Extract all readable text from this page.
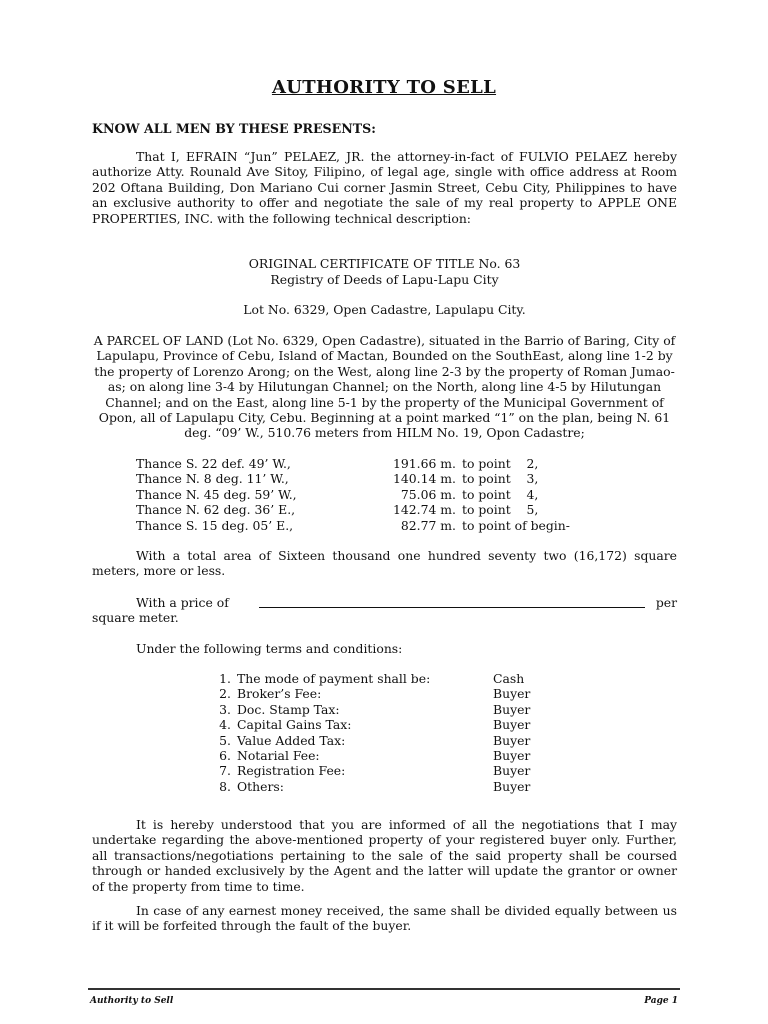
AUTHORITY TO SELL
KNOW ALL MEN BY THESE PRESENTS:
That I, EFRAIN “Jun” PELAEZ, JR. the attorney-in-fact of FULVIO PELAEZ hereby authorize Atty. Rounald Ave Sitoy, Filipino, of legal age, single with office address at Room 202 Oftana Building, Don Mariano Cui corner Jasmin Street, Cebu City, Philippines to have an exclusive authority to offer and negotiate the sale of my real property to APPLE ONE PROPERTIES, INC. with the following technical description:
ORIGINAL CERTIFICATE OF TITLE No. 63
Registry of Deeds of Lapu-Lapu City
Lot No. 6329, Open Cadastre, Lapulapu City.
A PARCEL OF LAND (Lot No. 6329, Open Cadastre), situated in the Barrio of Baring, City of Lapulapu, Province of Cebu, Island of Mactan, Bounded on the SouthEast, along line 1-2 by the property of Lorenzo Arong; on the West, along line 2-3 by the property of Roman Jumao-as; on along line 3-4 by Hilutungan Channel; on the North, along line 4-5 by Hilutungan Channel; and on the East, along line 5-1 by the property of the Municipal Government of Opon, all of Lapulapu City, Cebu. Beginning at a point marked “1” on the plan, being N. 61 deg. “09’ W., 510.76 meters from HILM No. 19, Opon Cadastre;
Thance S. 22 def. 49’ W.,	191.66 m. to point    2,
Thance N. 8 deg. 11’ W.,	140.14 m. to point    3,
Thance N. 45 deg. 59’ W.,	75.06 m. to point    4,
Thance N. 62 deg. 36’ E.,	142.74 m. to point    5,
Thance S. 15 deg. 05’ E.,	82.77 m. to point of begin-
With a total area of Sixteen thousand one hundred seventy two (16,172) square meters, more or less.
With a price of	per
square meter.
Under the following terms and conditions:
1. The mode of payment shall be:	Cash
2. Broker’s Fee:	Buyer
3. Doc. Stamp Tax:	Buyer
4. Capital Gains Tax:	Buyer
5. Value Added Tax:	Buyer
6. Notarial Fee:	Buyer
7. Registration Fee:	Buyer
8. Others:	Buyer
It is hereby understood that you are informed of all the negotiations that I may undertake regarding the above-mentioned property of your registered buyer only. Further, all transactions/negotiations pertaining to the sale of the said property shall be coursed through or handed exclusively by the Agent and the latter will update the grantor or owner of the property from time to time.
In case of any earnest money received, the same shall be divided equally between us if it will be forfeited through the fault of the buyer.
Authority to Sell	Page 1
